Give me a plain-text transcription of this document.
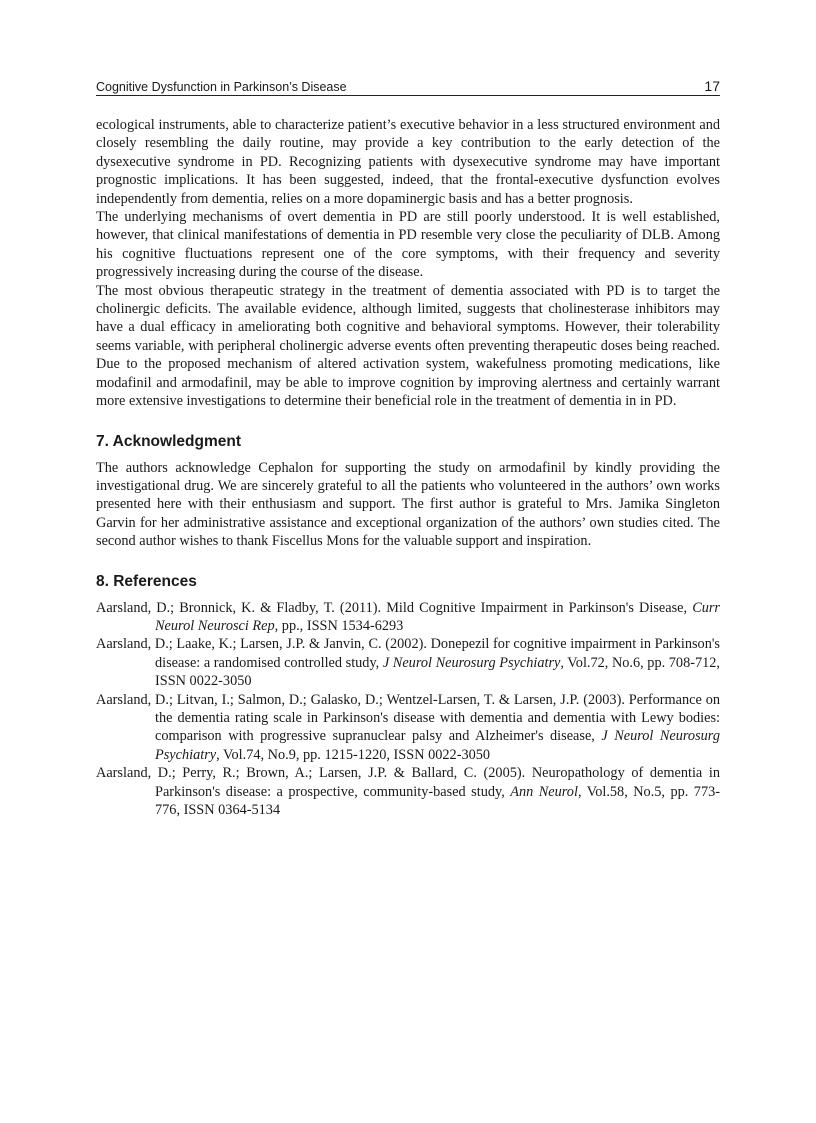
Cognitive Dysfunction in Parkinson’s Disease	17

ecological instruments, able to characterize patient’s executive behavior in a less structured environment and closely resembling the daily routine, may provide a key contribution to the early detection of the dysexecutive syndrome in PD. Recognizing patients with dysexecutive syndrome may have important prognostic implications. It has been suggested, indeed, that the frontal-executive dysfunction evolves independently from dementia, relies on a more dopaminergic basis and has a better prognosis.

The underlying mechanisms of overt dementia in PD are still poorly understood. It is well established, however, that clinical manifestations of dementia in PD resemble very close the peculiarity of DLB. Among his cognitive fluctuations represent one of the core symptoms, with their frequency and severity progressively increasing during the course of the disease.

The most obvious therapeutic strategy in the treatment of dementia associated with PD is to target the cholinergic deficits. The available evidence, although limited, suggests that cholinesterase inhibitors may have a dual efficacy in ameliorating both cognitive and behavioral symptoms. However, their tolerability seems variable, with peripheral cholinergic adverse events often preventing therapeutic doses being reached. Due to the proposed mechanism of altered activation system, wakefulness promoting medications, like modafinil and armodafinil, may be able to improve cognition by improving alertness and certainly warrant more extensive investigations to determine their beneficial role in the treatment of dementia in in PD.

7. Acknowledgment

The authors acknowledge Cephalon for supporting the study on armodafinil by kindly providing the investigational drug. We are sincerely grateful to all the patients who volunteered in the authors’ own works presented here with their enthusiasm and support. The first author is grateful to Mrs. Jamika Singleton Garvin for her administrative assistance and exceptional organization of the authors’ own studies cited. The second author wishes to thank Fiscellus Mons for the valuable support and inspiration.

8. References

Aarsland, D.; Bronnick, K. & Fladby, T. (2011). Mild Cognitive Impairment in Parkinson's Disease, Curr Neurol Neurosci Rep, pp., ISSN 1534-6293

Aarsland, D.; Laake, K.; Larsen, J.P. & Janvin, C. (2002). Donepezil for cognitive impairment in Parkinson's disease: a randomised controlled study, J Neurol Neurosurg Psychiatry, Vol.72, No.6, pp. 708-712, ISSN 0022-3050

Aarsland, D.; Litvan, I.; Salmon, D.; Galasko, D.; Wentzel-Larsen, T. & Larsen, J.P. (2003). Performance on the dementia rating scale in Parkinson's disease with dementia and dementia with Lewy bodies: comparison with progressive supranuclear palsy and Alzheimer's disease, J Neurol Neurosurg Psychiatry, Vol.74, No.9, pp. 1215-1220, ISSN 0022-3050

Aarsland, D.; Perry, R.; Brown, A.; Larsen, J.P. & Ballard, C. (2005). Neuropathology of dementia in Parkinson's disease: a prospective, community-based study, Ann Neurol, Vol.58, No.5, pp. 773-776, ISSN 0364-5134
